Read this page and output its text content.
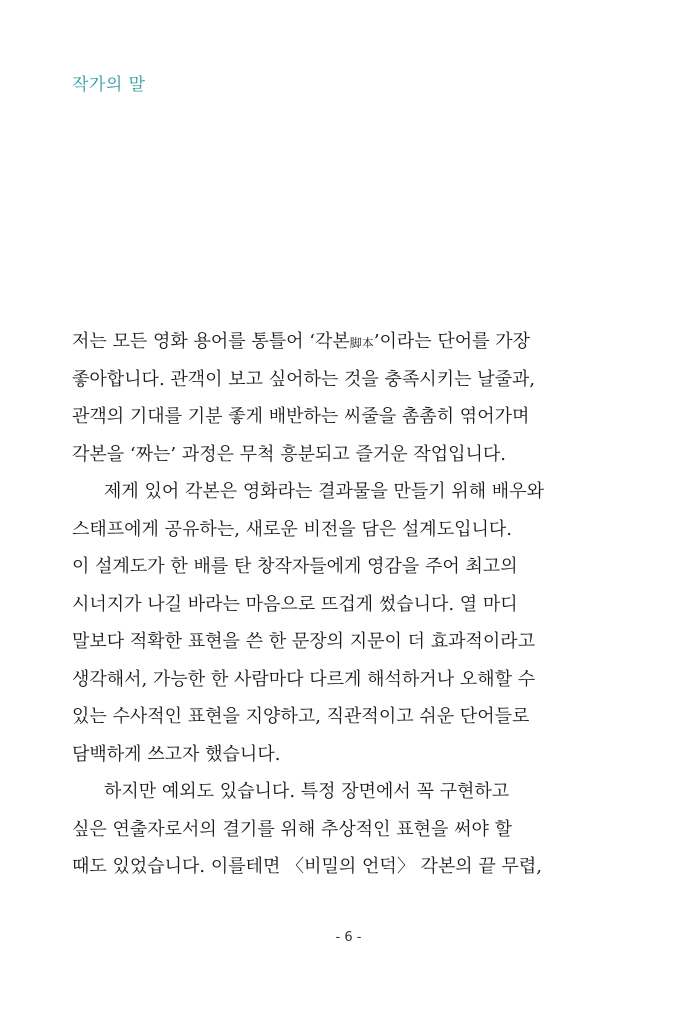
작가의 말
저는 모든 영화 용어를 통틀어 ‘각본脚本’이라는 단어를 가장
좋아합니다. 관객이 보고 싶어하는 것을 충족시키는 날줄과,
관객의 기대를 기분 좋게 배반하는 씨줄을 촘촘히 엮어가며
각본을 ‘짜는’ 과정은 무척 흥분되고 즐거운 작업입니다.
제게 있어 각본은 영화라는 결과물을 만들기 위해 배우와
스태프에게 공유하는, 새로운 비전을 담은 설계도입니다.
이 설계도가 한 배를 탄 창작자들에게 영감을 주어 최고의
시너지가 나길 바라는 마음으로 뜨겁게 썼습니다. 열 마디
말보다 적확한 표현을 쓴 한 문장의 지문이 더 효과적이라고
생각해서, 가능한 한 사람마다 다르게 해석하거나 오해할 수
있는 수사적인 표현을 지양하고, 직관적이고 쉬운 단어들로
담백하게 쓰고자 했습니다.
하지만 예외도 있습니다. 특정 장면에서 꼭 구현하고
싶은 연출자로서의 결기를 위해 추상적인 표현을 써야 할
때도 있었습니다. 이를테면 〈비밀의 언덕〉 각본의 끝 무렵,
- 6 -
